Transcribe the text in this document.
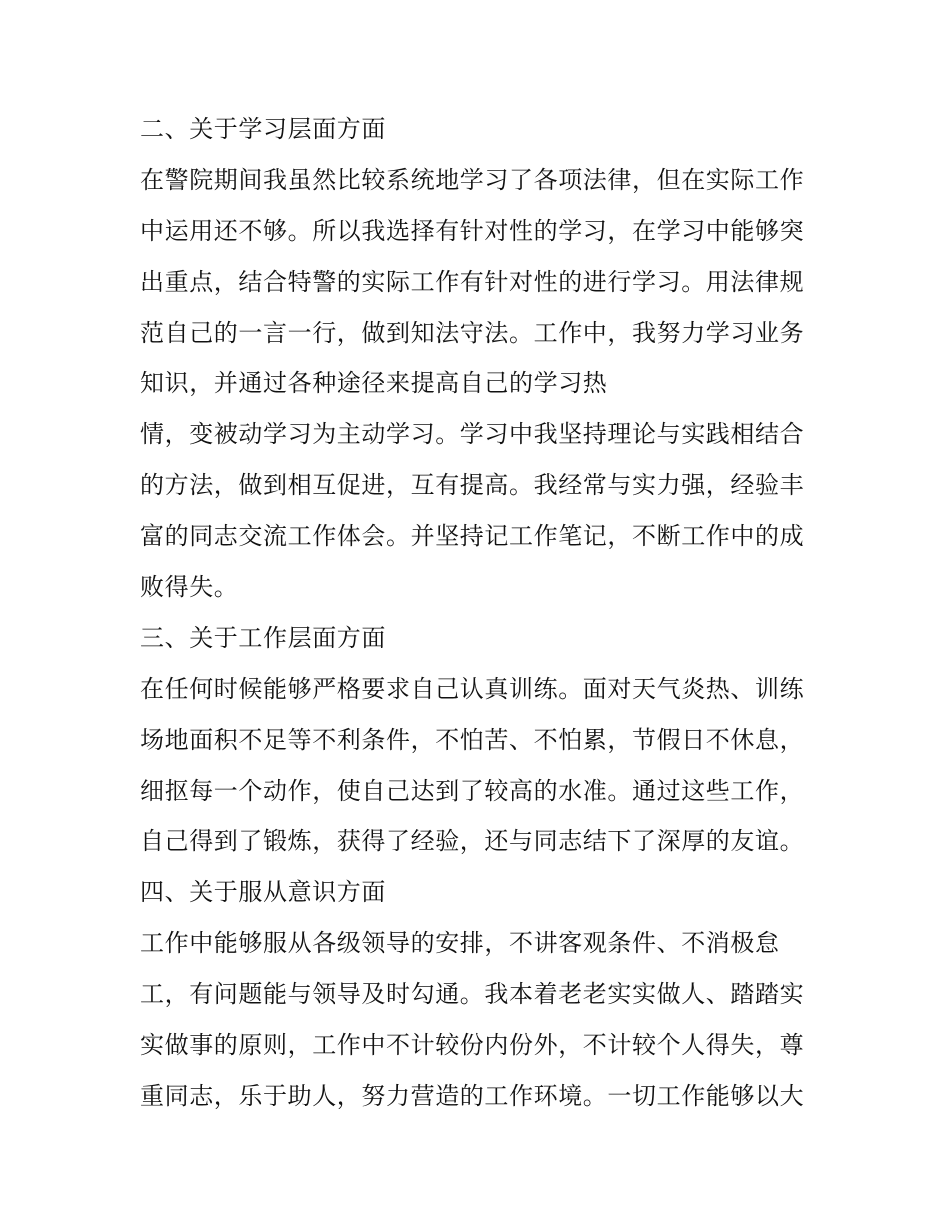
二、关于学习层面方面
在警院期间我虽然比较系统地学习了各项法律，但在实际工作
中运用还不够。所以我选择有针对性的学习，在学习中能够突
出重点，结合特警的实际工作有针对性的进行学习。用法律规
范自己的一言一行，做到知法守法。工作中，我努力学习业务
知识，并通过各种途径来提高自己的学习热
情，变被动学习为主动学习。学习中我坚持理论与实践相结合
的方法，做到相互促进，互有提高。我经常与实力强，经验丰
富的同志交流工作体会。并坚持记工作笔记，不断工作中的成
败得失。
三、关于工作层面方面
在任何时候能够严格要求自己认真训练。面对天气炎热、训练
场地面积不足等不利条件，不怕苦、不怕累，节假日不休息，
细抠每一个动作，使自己达到了较高的水准。通过这些工作，
自己得到了锻炼，获得了经验，还与同志结下了深厚的友谊。
四、关于服从意识方面
工作中能够服从各级领导的安排，不讲客观条件、不消极怠
工，有问题能与领导及时勾通。我本着老老实实做人、踏踏实
实做事的原则，工作中不计较份内份外，不计较个人得失，尊
重同志，乐于助人，努力营造的工作环境。一切工作能够以大
